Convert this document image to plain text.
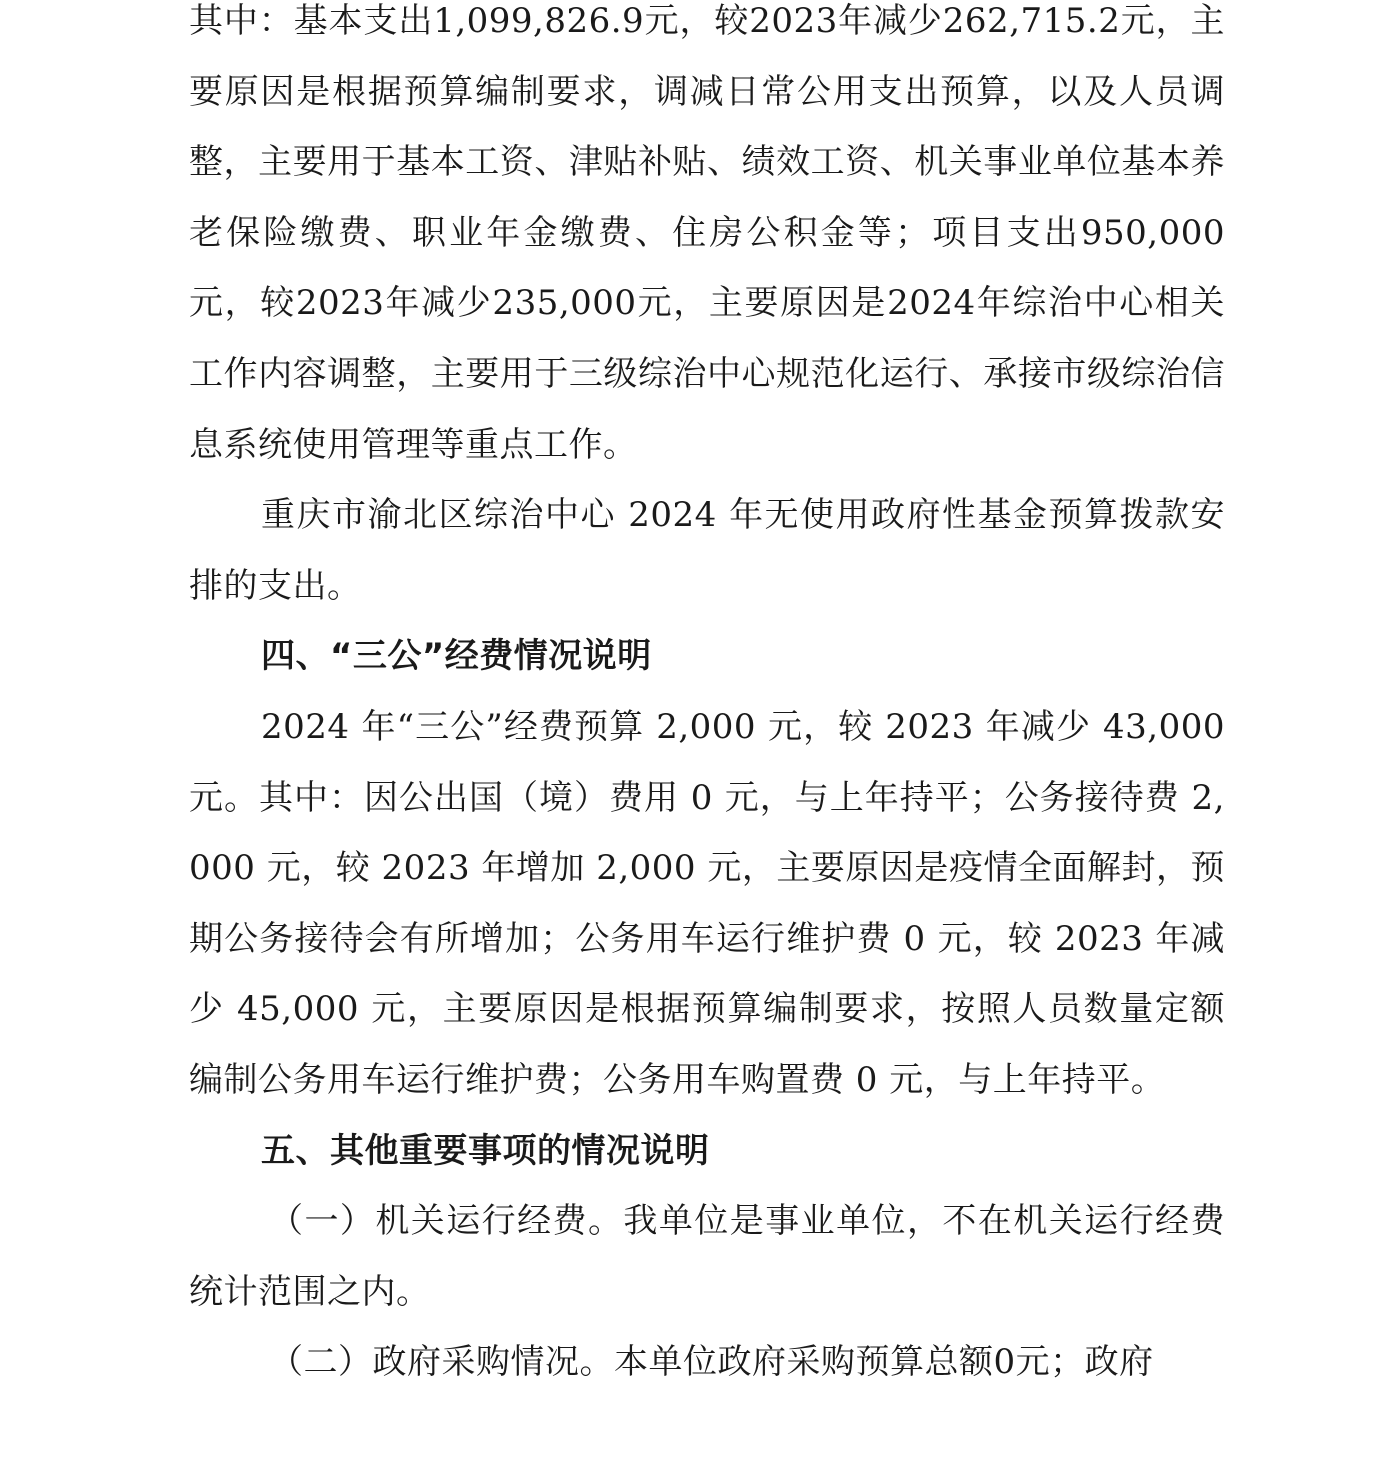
其中：基本支出1,099,826.9元，较2023年减少262,715.2元，主要原因是根据预算编制要求，调减日常公用支出预算，以及人员调整，主要用于基本工资、津贴补贴、绩效工资、机关事业单位基本养老保险缴费、职业年金缴费、住房公积金等；项目支出950,000元，较2023年减少235,000元，主要原因是2024年综治中心相关工作内容调整，主要用于三级综治中心规范化运行、承接市级综治信息系统使用管理等重点工作。

重庆市渝北区综治中心 2024 年无使用政府性基金预算拨款安排的支出。

四、“三公”经费情况说明

2024 年“三公”经费预算 2,000 元，较 2023 年减少 43,000 元。其中：因公出国（境）费用 0 元，与上年持平；公务接待费 2,000 元，较 2023 年增加 2,000 元，主要原因是疫情全面解封，预期公务接待会有所增加；公务用车运行维护费 0 元，较 2023 年减少 45,000 元，主要原因是根据预算编制要求，按照人员数量定额编制公务用车运行维护费；公务用车购置费 0 元，与上年持平。

五、其他重要事项的情况说明

（一）机关运行经费。我单位是事业单位，不在机关运行经费统计范围之内。

（二）政府采购情况。本单位政府采购预算总额0元；政府
